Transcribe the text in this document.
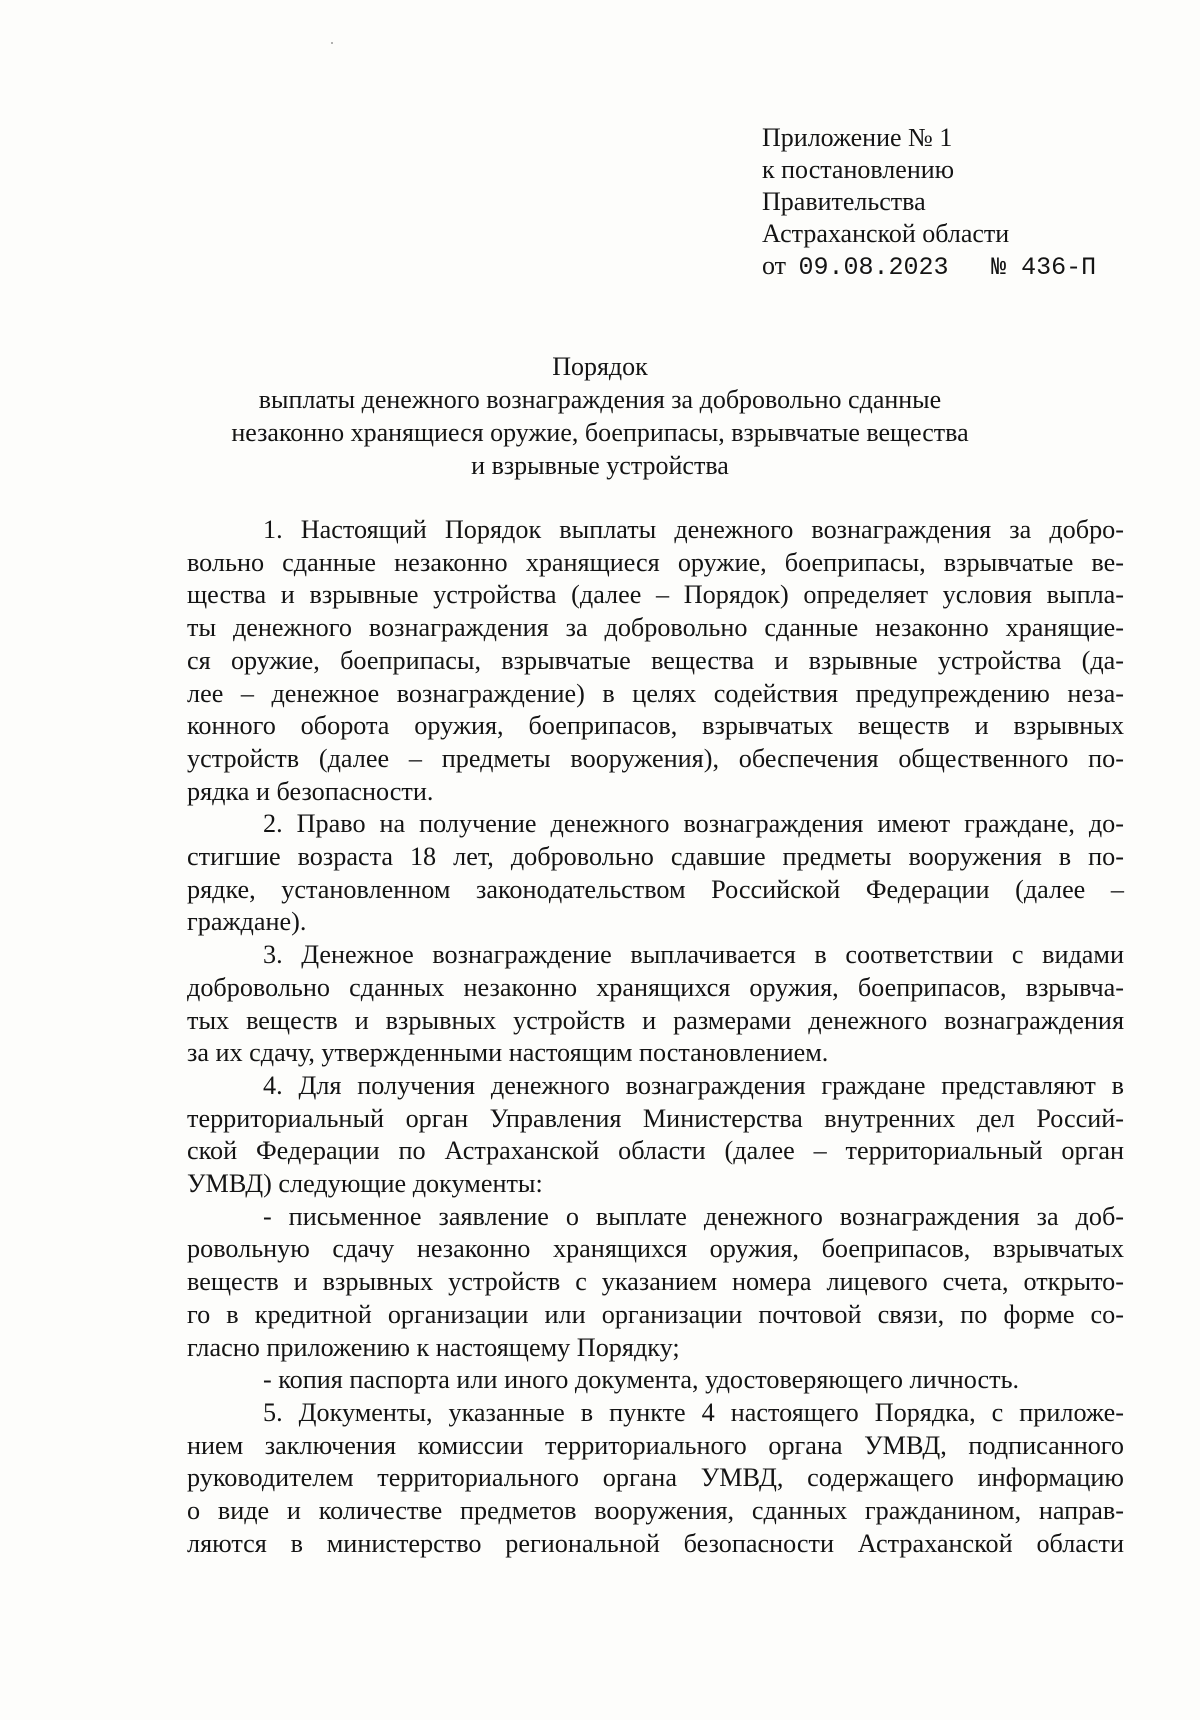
Приложение № 1
к постановлению
Правительства
Астраханской области
от 09.08.2023 № 436-П
Порядок
выплаты денежного вознаграждения за добровольно сданные
незаконно хранящиеся оружие, боеприпасы, взрывчатые вещества
и взрывные устройства
1. Настоящий Порядок выплаты денежного вознаграждения за добро-
вольно сданные незаконно хранящиеся оружие, боеприпасы, взрывчатые ве-
щества и взрывные устройства (далее – Порядок) определяет условия выпла-
ты денежного вознаграждения за добровольно сданные незаконно хранящие-
ся оружие, боеприпасы, взрывчатые вещества и взрывные устройства (да-
лее – денежное вознаграждение) в целях содействия предупреждению неза-
конного оборота оружия, боеприпасов, взрывчатых веществ и взрывных
устройств (далее – предметы вооружения), обеспечения общественного по-
рядка и безопасности.
2. Право на получение денежного вознаграждения имеют граждане, до-
стигшие возраста 18 лет, добровольно сдавшие предметы вооружения в по-
рядке, установленном законодательством Российской Федерации (далее –
граждане).
3. Денежное вознаграждение выплачивается в соответствии с видами
добровольно сданных незаконно хранящихся оружия, боеприпасов, взрывча-
тых веществ и взрывных устройств и размерами денежного вознаграждения
за их сдачу, утвержденными настоящим постановлением.
4. Для получения денежного вознаграждения граждане представляют в
территориальный орган Управления Министерства внутренних дел Россий-
ской Федерации по Астраханской области (далее – территориальный орган
УМВД) следующие документы:
- письменное заявление о выплате денежного вознаграждения за доб-
ровольную сдачу незаконно хранящихся оружия, боеприпасов, взрывчатых
веществ и взрывных устройств с указанием номера лицевого счета, открыто-
го в кредитной организации или организации почтовой связи, по форме со-
гласно приложению к настоящему Порядку;
- копия паспорта или иного документа, удостоверяющего личность.
5. Документы, указанные в пункте 4 настоящего Порядка, с приложе-
нием заключения комиссии территориального органа УМВД, подписанного
руководителем территориального органа УМВД, содержащего информацию
о виде и количестве предметов вооружения, сданных гражданином, направ-
ляются в министерство региональной безопасности Астраханской области
